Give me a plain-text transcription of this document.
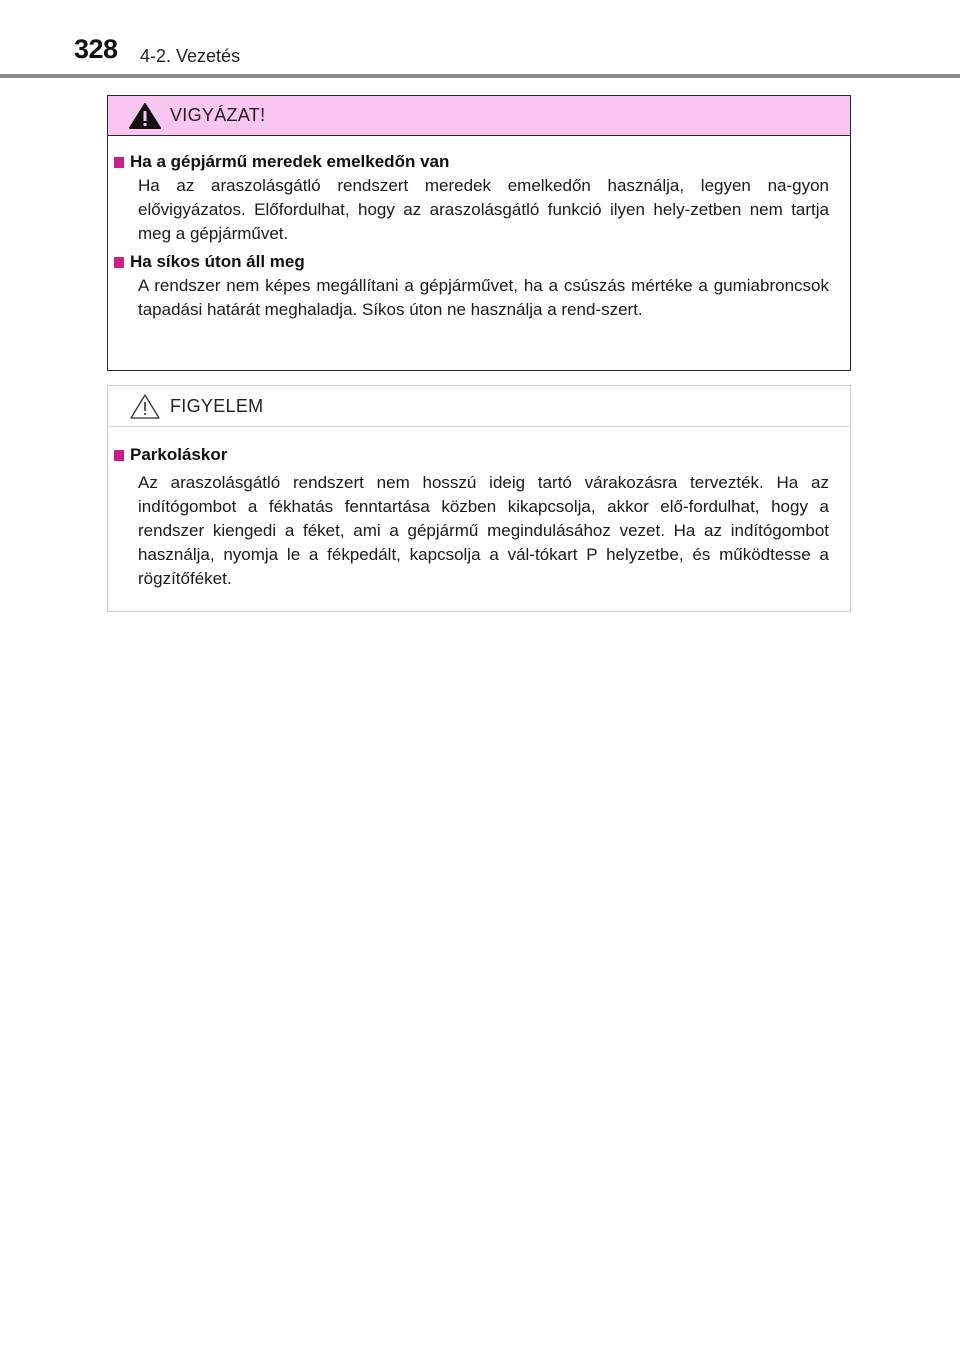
328 4-2. Vezetés
VIGYÁZAT!
Ha a gépjármű meredek emelkedőn van
Ha az araszolásgátló rendszert meredek emelkedőn használja, legyen na-gyon elővigyázatos. Előfordulhat, hogy az araszolásgátló funkció ilyen hely-zetben nem tartja meg a gépjárművet.
Ha síkos úton áll meg
A rendszer nem képes megállítani a gépjárművet, ha a csúszás mértéke a gumiabroncsok tapadási határát meghaladja. Síkos úton ne használja a rend-szert.
FIGYELEM
Parkoláskor
Az araszolásgátló rendszert nem hosszú ideig tartó várakozásra tervezték. Ha az indítógombot a fékhatás fenntartása közben kikapcsolja, akkor elő-fordulhat, hogy a rendszer kiengedi a féket, ami a gépjármű megindulásához vezet. Ha az indítógombot használja, nyomja le a fékpedált, kapcsolja a vál-tókart P helyzetbe, és működtesse a rögzítőféket.
